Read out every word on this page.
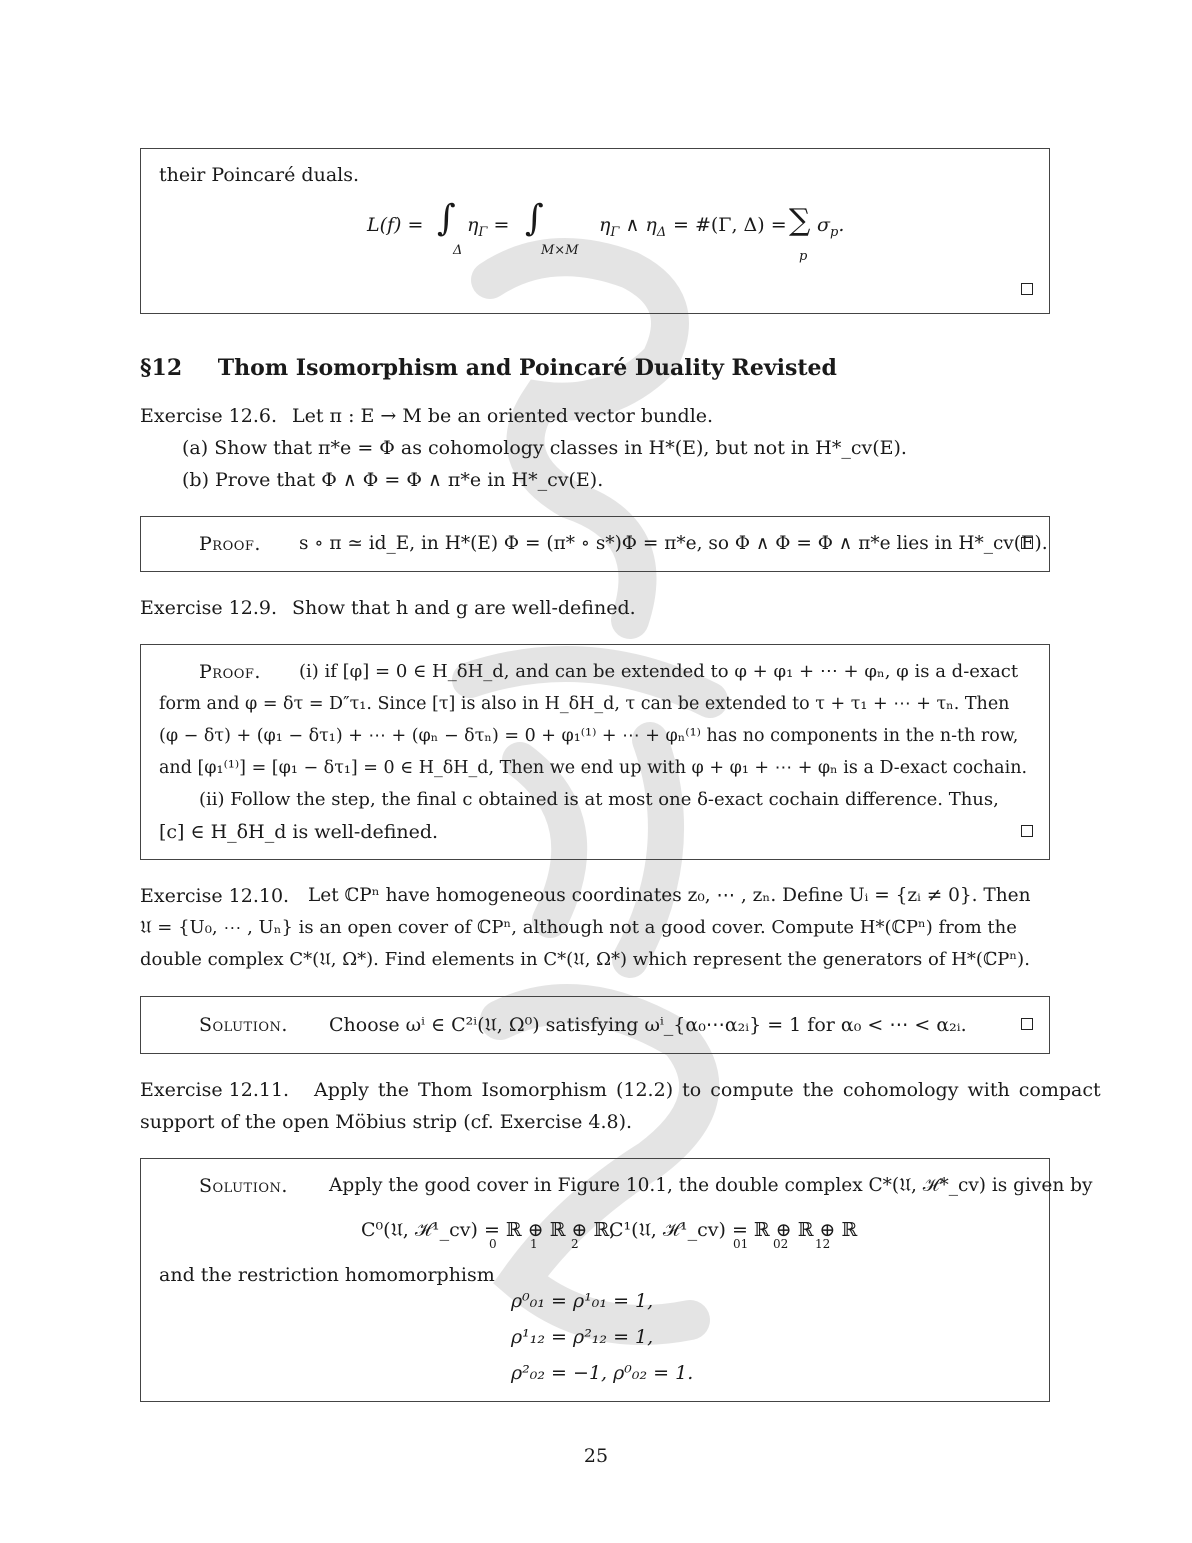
their Poincaré duals.
L(f) = ∫
Δ
$\eta_\Gamma$ = ∫
M×M
$\eta_\Gamma$ ∧ $\eta_\Delta$ = #(Γ, Δ) = ∑
p
$\sigma_p$.
§12 Thom Isomorphism and Poincaré Duality Revisted
Exercise 12.6. Let π : E → M be an oriented vector bundle.
(a) Show that π*e = Φ as cohomology classes in H*(E), but not in H*_cv(E).
(b) Prove that Φ ∧ Φ = Φ ∧ π*e in H*_cv(E).
Proof. s ∘ π ≃ id_E, in H*(E) Φ = (π* ∘ s*)Φ = π*e, so Φ ∧ Φ = Φ ∧ π*e lies in H*_cv(E).
Exercise 12.9. Show that h and g are well-defined.
Proof. (i) if [φ] = 0 ∈ H_δH_d, and can be extended to φ + φ₁ + ⋯ + φₙ, φ is a d-exact
form and φ = δτ = D″τ₁. Since [τ] is also in H_δH_d, τ can be extended to τ + τ₁ + ⋯ + τₙ. Then
(φ − δτ) + (φ₁ − δτ₁) + ⋯ + (φₙ − δτₙ) = 0 + φ₁⁽¹⁾ + ⋯ + φₙ⁽¹⁾ has no components in the n-th row,
and [φ₁⁽¹⁾] = [φ₁ − δτ₁] = 0 ∈ H_δH_d, Then we end up with φ + φ₁ + ⋯ + φₙ is a D-exact cochain.
(ii) Follow the step, the final c obtained is at most one δ-exact cochain difference. Thus,
[c] ∈ H_δH_d is well-defined.
Exercise 12.10. Let ℂPⁿ have homogeneous coordinates z₀, ⋯ , zₙ. Define Uᵢ = {zᵢ ≠ 0}. Then
𝔘 = {U₀, ⋯ , Uₙ} is an open cover of ℂPⁿ, although not a good cover. Compute H*(ℂPⁿ) from the
double complex C*(𝔘, Ω*). Find elements in C*(𝔘, Ω*) which represent the generators of H*(ℂPⁿ).
Solution. Choose ωⁱ ∈ C²ⁱ(𝔘, Ω⁰) satisfying ωⁱ_{α₀⋯α₂ᵢ} = 1 for α₀ < ⋯ < α₂ᵢ.
Exercise 12.11. Apply the Thom Isomorphism (12.2) to compute the cohomology with compact
support of the open Möbius strip (cf. Exercise 4.8).
Solution. Apply the good cover in Figure 10.1, the double complex C*(𝔘, ℋ*_cv) is given by
C⁰(𝔘, ℋ¹_cv) = ℝ ⊕ ℝ ⊕ ℝ,
0	1	2
C¹(𝔘, ℋ¹_cv) = ℝ ⊕ ℝ ⊕ ℝ
01 02 12
and the restriction homomorphism
ρ⁰₀₁ = ρ¹₀₁ = 1,
ρ¹₁₂ = ρ²₁₂ = 1,
ρ²₀₂ = −1, ρ⁰₀₂ = 1.
25
